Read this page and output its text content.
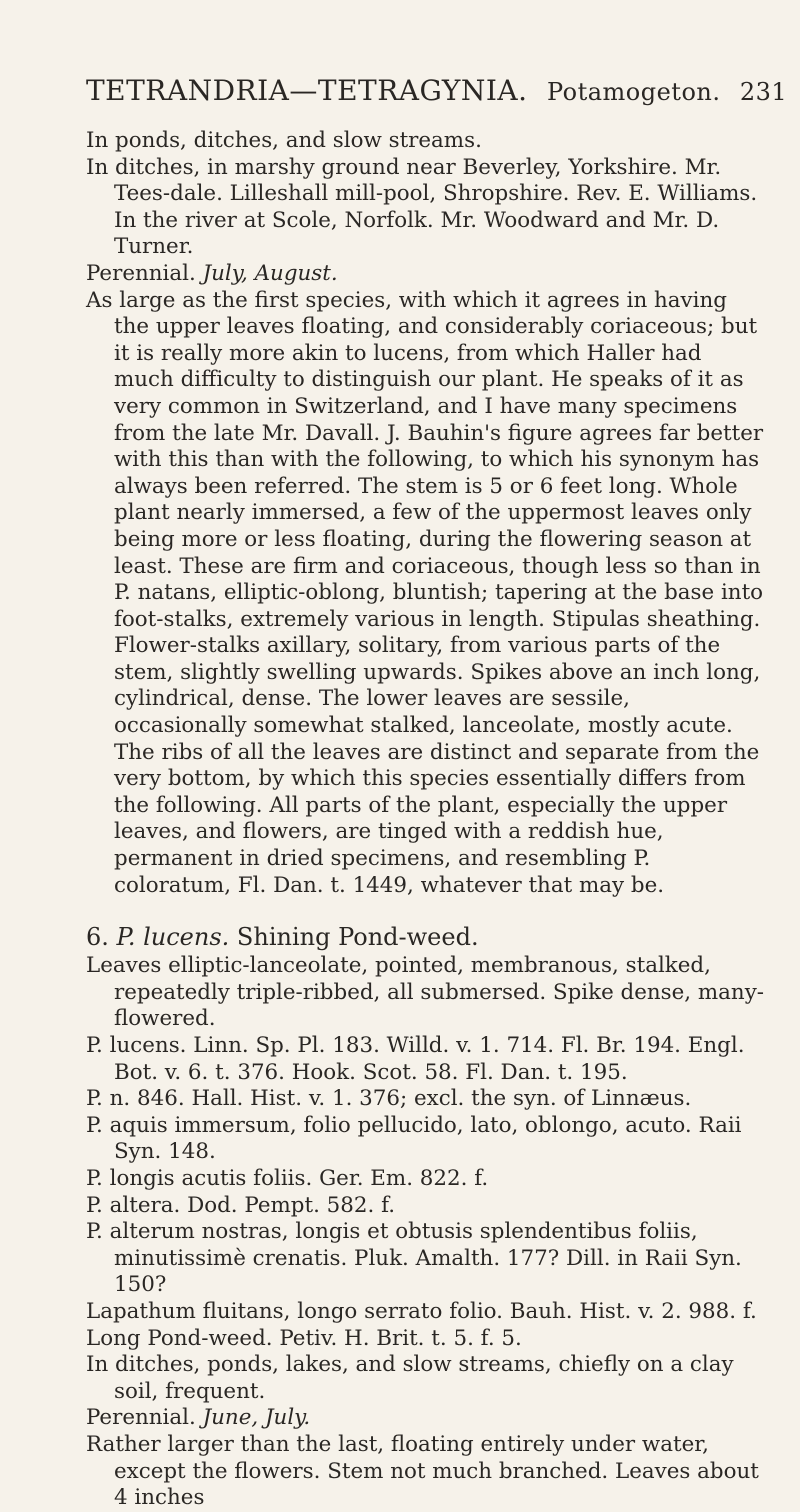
TETRANDRIA—TETRAGYNIA. Potamogeton. 231

In ponds, ditches, and slow streams.

In ditches, in marshy ground near Beverley, Yorkshire. Mr. Tees-dale. Lilleshall mill-pool, Shropshire. Rev. E. Williams. In the river at Scole, Norfolk. Mr. Woodward and Mr. D. Turner.

Perennial. July, August.

As large as the first species, with which it agrees in having the upper leaves floating, and considerably coriaceous; but it is really more akin to lucens, from which Haller had much difficulty to distinguish our plant. He speaks of it as very common in Switzerland, and I have many specimens from the late Mr. Davall. J. Bauhin's figure agrees far better with this than with the following, to which his synonym has always been referred. The stem is 5 or 6 feet long. Whole plant nearly immersed, a few of the uppermost leaves only being more or less floating, during the flowering season at least. These are firm and coriaceous, though less so than in P. natans, elliptic-oblong, bluntish; tapering at the base into foot-stalks, extremely various in length. Stipulas sheathing. Flower-stalks axillary, solitary, from various parts of the stem, slightly swelling upwards. Spikes above an inch long, cylindrical, dense. The lower leaves are sessile, occasionally somewhat stalked, lanceolate, mostly acute. The ribs of all the leaves are distinct and separate from the very bottom, by which this species essentially differs from the following. All parts of the plant, especially the upper leaves, and flowers, are tinged with a reddish hue, permanent in dried specimens, and resembling P. coloratum, Fl. Dan. t. 1449, whatever that may be.

6. P. lucens. Shining Pond-weed.

Leaves elliptic-lanceolate, pointed, membranous, stalked, repeatedly triple-ribbed, all submersed. Spike dense, many-flowered.

P. lucens. Linn. Sp. Pl. 183. Willd. v. 1. 714. Fl. Br. 194. Engl. Bot. v. 6. t. 376. Hook. Scot. 58. Fl. Dan. t. 195.

P. n. 846. Hall. Hist. v. 1. 376; excl. the syn. of Linnæus.

P. aquis immersum, folio pellucido, lato, oblongo, acuto. Raii Syn. 148.

P. longis acutis foliis. Ger. Em. 822. f.

P. altera. Dod. Pempt. 582. f.

P. alterum nostras, longis et obtusis splendentibus foliis, minutissimè crenatis. Pluk. Amalth. 177? Dill. in Raii Syn. 150?

Lapathum fluitans, longo serrato folio. Bauh. Hist. v. 2. 988. f.

Long Pond-weed. Petiv. H. Brit. t. 5. f. 5.

In ditches, ponds, lakes, and slow streams, chiefly on a clay soil, frequent.

Perennial. June, July.

Rather larger than the last, floating entirely under water, except the flowers. Stem not much branched. Leaves about 4 inches
